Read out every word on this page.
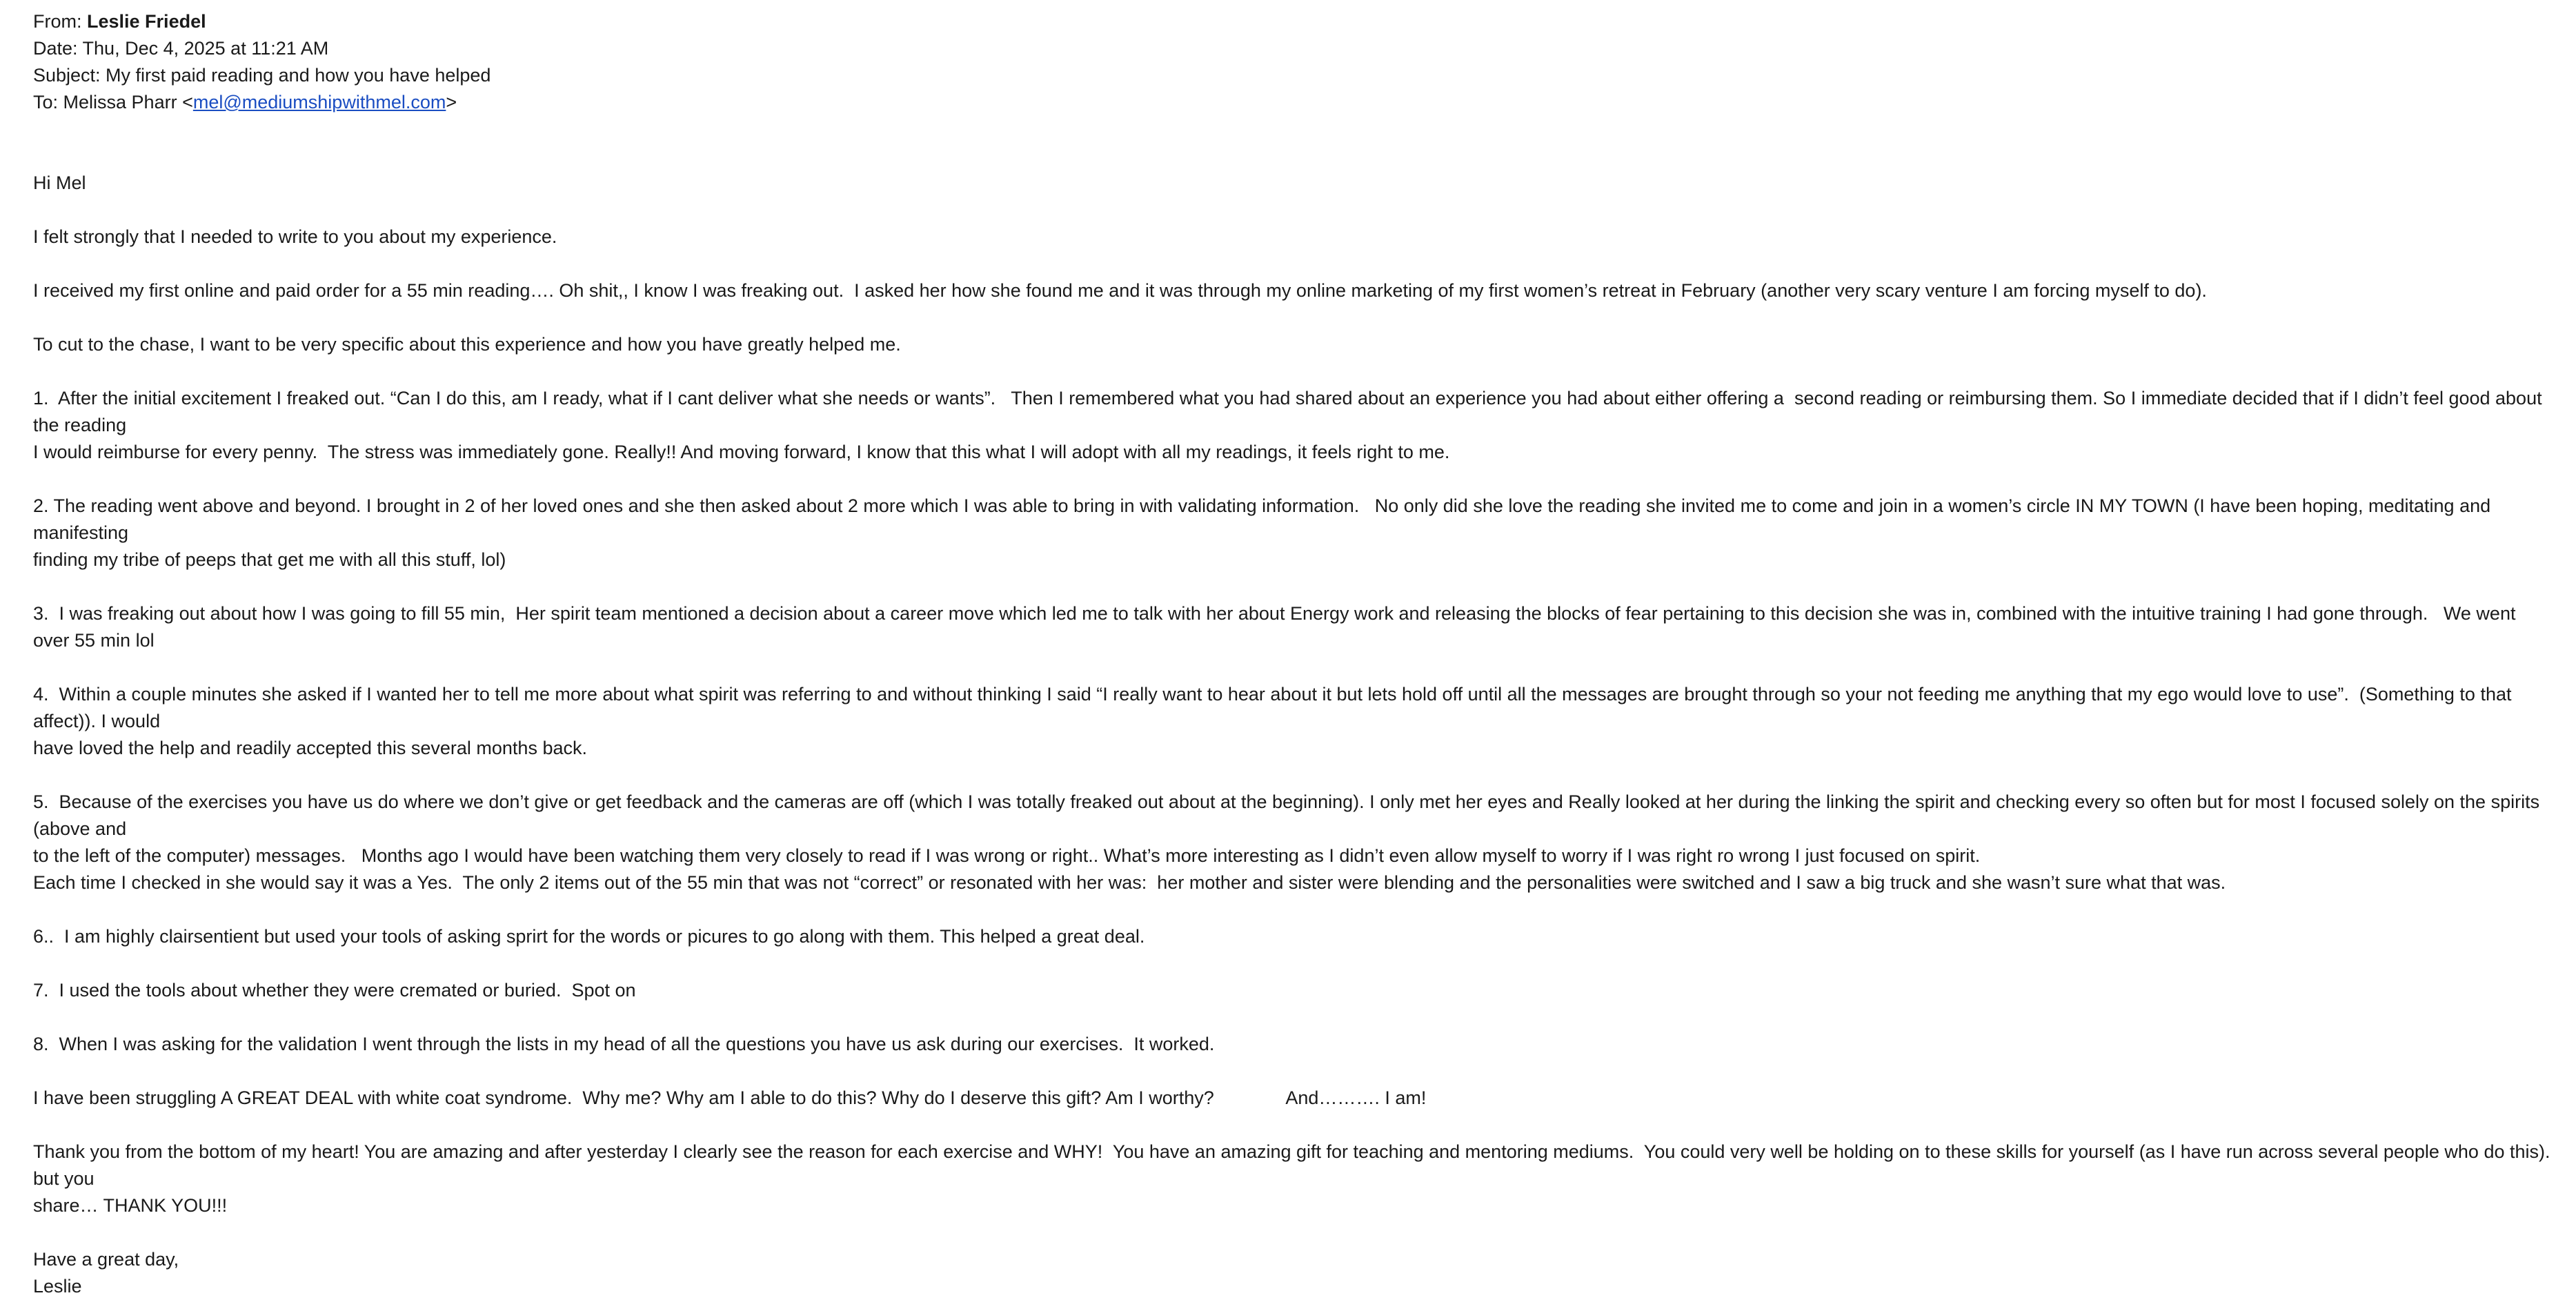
From: Leslie Friedel
Date: Thu, Dec 4, 2025 at 11:21 AM
Subject: My first paid reading and how you have helped
To: Melissa Pharr <mel@mediumshipwithmel.com>
Hi Mel
I felt strongly that I needed to write to you about my experience.
I received my first online and paid order for a 55 min reading…. Oh shit,, I know I was freaking out.  I asked her how she found me and it was through my online marketing of my first women’s retreat in February (another very scary venture I am forcing myself to do).
To cut to the chase, I want to be very specific about this experience and how you have greatly helped me.
1.  After the initial excitement I freaked out. “Can I do this, am I ready, what if I cant deliver what she needs or wants”.   Then I remembered what you had shared about an experience you had about either offering a  second reading or reimbursing them. So I immediate decided that if I didn’t feel good about the reading
I would reimburse for every penny.  The stress was immediately gone. Really!! And moving forward, I know that this what I will adopt with all my readings, it feels right to me.
2. The reading went above and beyond. I brought in 2 of her loved ones and she then asked about 2 more which I was able to bring in with validating information.   No only did she love the reading she invited me to come and join in a women’s circle IN MY TOWN (I have been hoping, meditating and manifesting
finding my tribe of peeps that get me with all this stuff, lol)
3.  I was freaking out about how I was going to fill 55 min,  Her spirit team mentioned a decision about a career move which led me to talk with her about Energy work and releasing the blocks of fear pertaining to this decision she was in, combined with the intuitive training I had gone through.   We went over 55 min lol
4.  Within a couple minutes she asked if I wanted her to tell me more about what spirit was referring to and without thinking I said “I really want to hear about it but lets hold off until all the messages are brought through so your not feeding me anything that my ego would love to use”.  (Something to that affect)). I would
have loved the help and readily accepted this several months back.
5.  Because of the exercises you have us do where we don’t give or get feedback and the cameras are off (which I was totally freaked out about at the beginning). I only met her eyes and Really looked at her during the linking the spirit and checking every so often but for most I focused solely on the spirits (above and
to the left of the computer) messages.   Months ago I would have been watching them very closely to read if I was wrong or right.. What’s more interesting as I didn’t even allow myself to worry if I was right ro wrong I just focused on spirit.
Each time I checked in she would say it was a Yes.  The only 2 items out of the 55 min that was not “correct” or resonated with her was:  her mother and sister were blending and the personalities were switched and I saw a big truck and she wasn’t sure what that was.
6..  I am highly clairsentient but used your tools of asking sprirt for the words or picures to go along with them. This helped a great deal.
7.  I used the tools about whether they were cremated or buried.  Spot on
8.  When I was asking for the validation I went through the lists in my head of all the questions you have us ask during our exercises.  It worked.
I have been struggling A GREAT DEAL with white coat syndrome.  Why me? Why am I able to do this? Why do I deserve this gift? Am I worthy?              And………. I am!
Thank you from the bottom of my heart! You are amazing and after yesterday I clearly see the reason for each exercise and WHY!  You have an amazing gift for teaching and mentoring mediums.  You could very well be holding on to these skills for yourself (as I have run across several people who do this). but you
share… THANK YOU!!!
Have a great day,
Leslie
